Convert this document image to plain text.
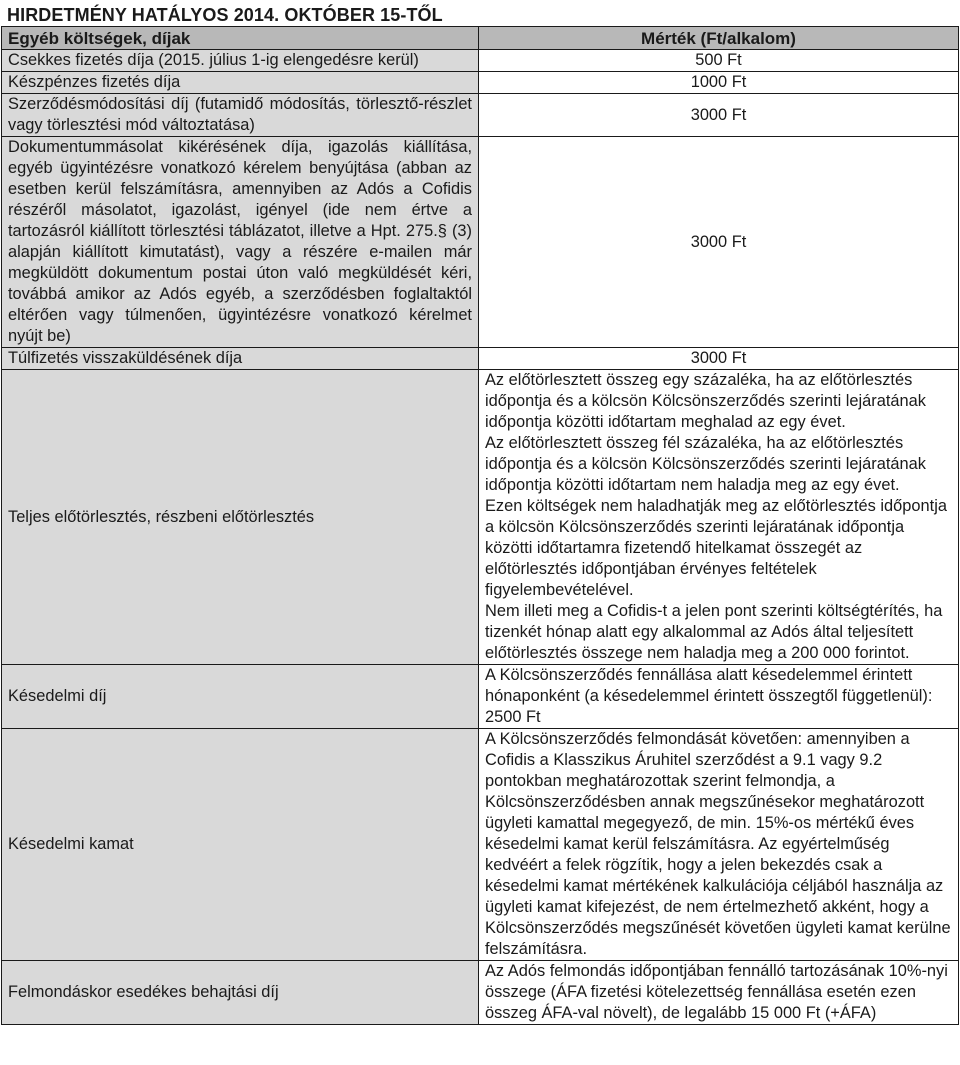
HIRDETMÉNY HATÁLYOS 2014. OKTÓBER 15-TŐL
Egyéb költségek, díjak	Mérték (Ft/alkalom)
Csekkes fizetés díja (2015. július 1-ig elengedésre kerül)	500 Ft
Készpénzes fizetés díja	1000 Ft
Szerződésmódosítási díj (futamidő módosítás, törlesztő-részlet vagy törlesztési mód változtatása)	3000 Ft
Dokumentummásolat kikérésének díja, igazolás kiállítása, egyéb ügyintézésre vonatkozó kérelem benyújtása (abban az esetben kerül felszámításra, amennyiben az Adós a Cofidis részéről másolatot, igazolást, igényel (ide nem értve a tartozásról kiállított törlesztési táblázatot, illetve a Hpt. 275.§ (3) alapján kiállított kimutatást), vagy a részére e-mailen már megküldött dokumentum postai úton való megküldését kéri, továbbá amikor az Adós egyéb, a szerződésben foglaltaktól eltérően vagy túlmenően, ügyintézésre vonatkozó kérelmet nyújt be)	3000 Ft
Túlfizetés visszaküldésének díja	3000 Ft
Teljes előtörlesztés, részbeni előtörlesztés	Az előtörlesztett összeg egy százaléka, ha az előtörlesztés időpontja és a kölcsön Kölcsönszerződés szerinti lejáratának időpontja közötti időtartam meghalad az egy évet.

Az előtörlesztett összeg fél százaléka, ha az előtörlesztés időpontja és a kölcsön Kölcsönszerződés szerinti lejáratának időpontja közötti időtartam nem haladja meg az egy évet.

Ezen költségek nem haladhatják meg az előtörlesztés időpontja a kölcsön Kölcsönszerződés szerinti lejáratának időpontja közötti időtartamra fizetendő hitelkamat összegét az előtörlesztés időpontjában érvényes feltételek figyelembevételével.

Nem illeti meg a Cofidis-t a jelen pont szerinti költségtérítés, ha tizenkét hónap alatt egy alkalommal az Adós által teljesített előtörlesztés összege nem haladja meg a 200 000 forintot.

Késedelmi díj	A Kölcsönszerződés fennállása alatt késedelemmel érintett hónaponként (a késedelemmel érintett összegtől függetlenül): 2500 Ft

Késedelmi kamat	A Kölcsönszerződés felmondását követően: amennyiben a Cofidis a Klasszikus Áruhitel szerződést a 9.1 vagy 9.2 pontokban meghatározottak szerint felmondja, a Kölcsönszerződésben annak megszűnésekor meghatározott ügyleti kamattal megegyező, de min. 15%-os mértékű éves késedelmi kamat kerül felszámításra. Az egyértelműség kedvéért a felek rögzítik, hogy a jelen bekezdés csak a késedelmi kamat mértékének kalkulációja céljából használja az ügyleti kamat kifejezést, de nem értelmezhető akként, hogy a Kölcsönszerződés megszűnését követően ügyleti kamat kerülne felszámításra.

Felmondáskor esedékes behajtási díj	Az Adós felmondás időpontjában fennálló tartozásának 10%-nyi összege (ÁFA fizetési kötelezettség fennállása esetén ezen összeg ÁFA-val növelt), de legalább 15 000 Ft (+ÁFA)
